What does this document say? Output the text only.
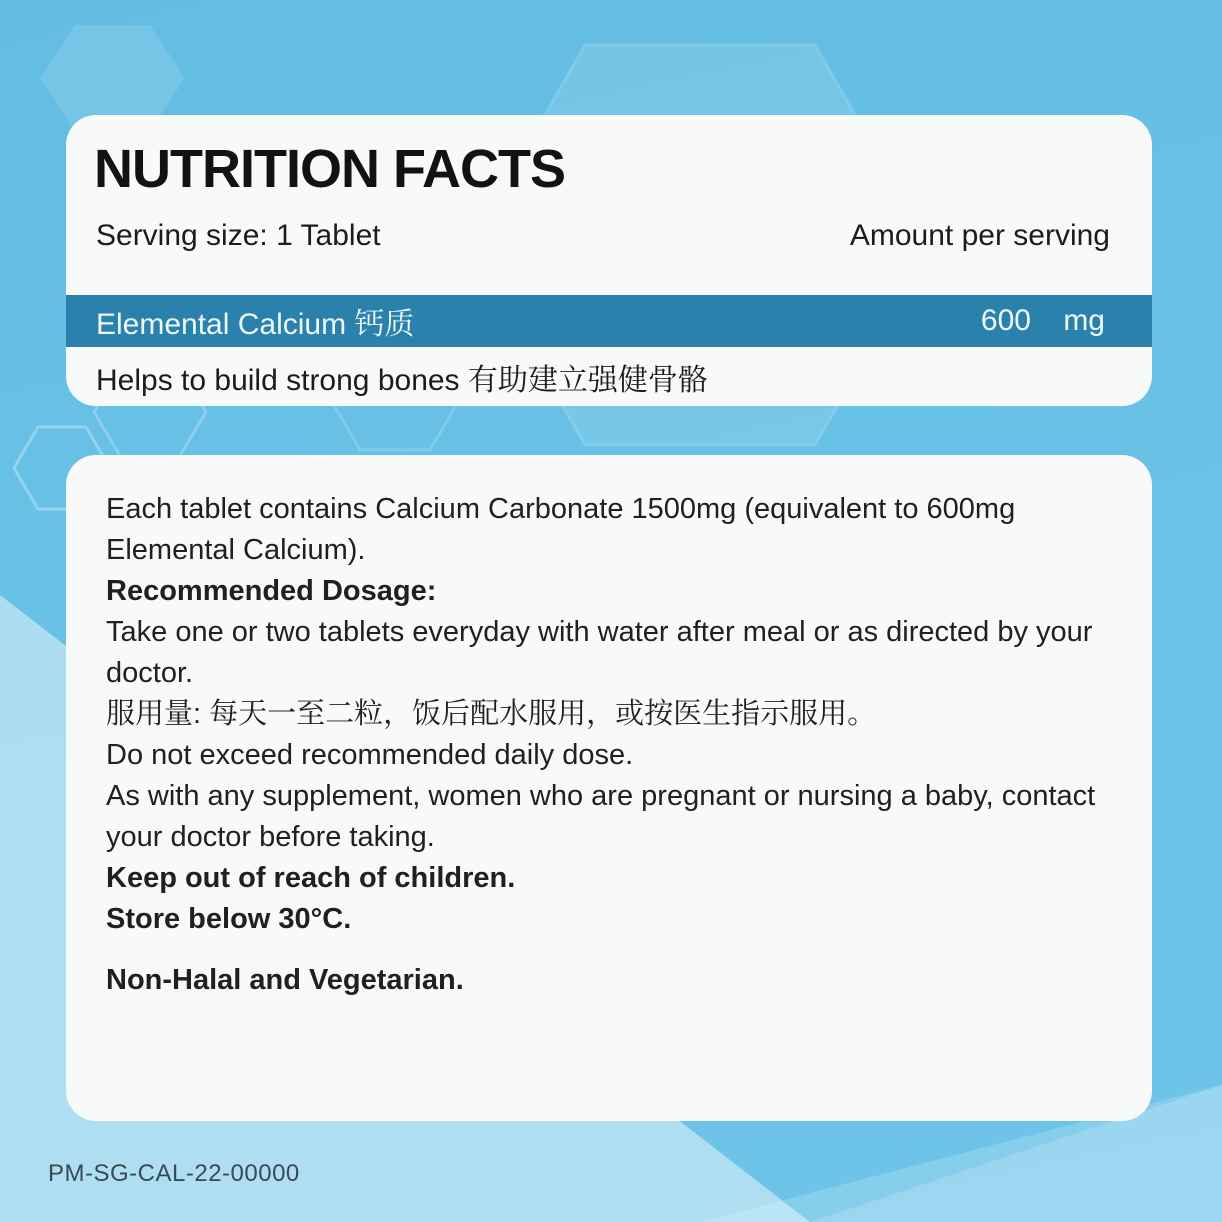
NUTRITION FACTS
Serving size: 1 Tablet	Amount per serving
Elemental Calcium 钙质	600 mg
Helps to build strong bones 有助建立强健骨骼

Each tablet contains Calcium Carbonate 1500mg (equivalent to 600mg Elemental Calcium).

Recommended Dosage:

Take one or two tablets everyday with water after meal or as directed by your doctor.

服用量: 每天一至二粒，饭后配水服用，或按医生指示服用。

Do not exceed recommended daily dose.

As with any supplement, women who are pregnant or nursing a baby, contact your doctor before taking.

Keep out of reach of children.

Store below 30°C.

Non-Halal and Vegetarian.

PM-SG-CAL-22-00000
